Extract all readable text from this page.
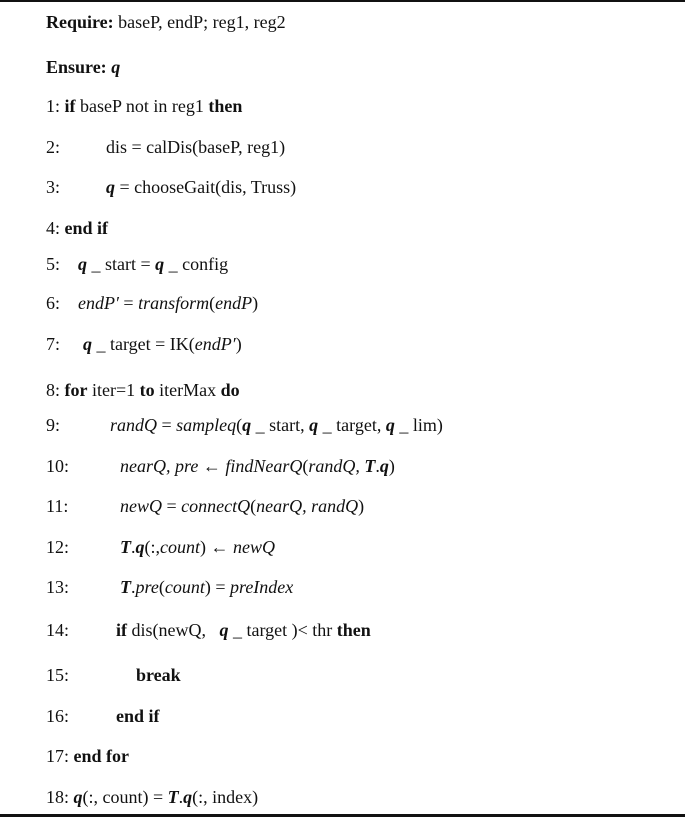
Require: baseP, endP; reg1, reg2
Ensure: q
1: if baseP not in reg1 then
2:	dis = calDis(baseP, reg1)
3:	q = chooseGait(dis, Truss)
4: end if
5: q _ start = q _ config
6: endP′ = transform(endP)
7: q _ target = IK(endP′)
8: for iter=1 to iterMax do
9:	randQ = sampleq(q _ start, q _ target, q _ lim)
10:	nearQ, pre ← findNearQ(randQ, T.q)
11:	newQ = connectQ(nearQ, randQ)
12:	T.q(:,count) ← newQ
13:	T.pre(count) = preIndex
14:	if dis(newQ,   q _ target )< thr then
15:	break
16:	end if
17: end for
18: q(:, count) = T.q(:, index)
